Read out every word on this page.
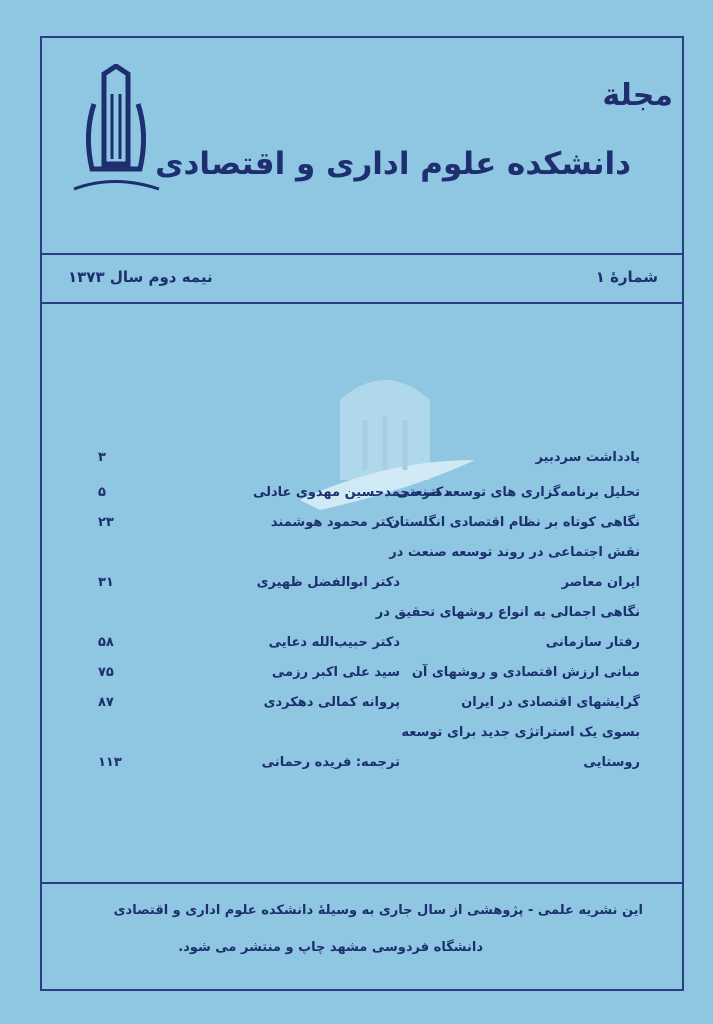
مجلة
دانشکده علوم اداری و اقتصادی
شمارهٔ ۱
نیمه دوم سال ۱۳۷۳
یادداشت سردبیر
۳
تحلیل برنامه‌گزاری های توسعه صنعتی
دکتر محمدحسین مهدوی عادلی
۵
نگاهی کوتاه بر نظام اقتصادی انگلستان
دکتر محمود هوشمند
۲۳
نقش اجتماعی در روند توسعه صنعت در
ایران معاصر
دکتر ابوالفضل ظهیری
۳۱
نگاهی اجمالی به انواع روشهای تحقیق در
رفتار سازمانی
دکتر حبیب‌الله دعایی
۵۸
مبانی ارزش اقتصادی و روشهای آن
سید علی اکبر رزمی
۷۵
گرایشهای اقتصادی در ایران
پروانه کمالی دهکردی
۸۷
بسوی یک استراتژی جدید برای توسعه
روستایی
ترجمه: فریده رحمانی
۱۱۳
این نشریه علمی - پژوهشی از سال جاری به وسیلهٔ دانشکده علوم اداری و اقتصادی
دانشگاه فردوسی مشهد چاپ و منتشر می شود.
